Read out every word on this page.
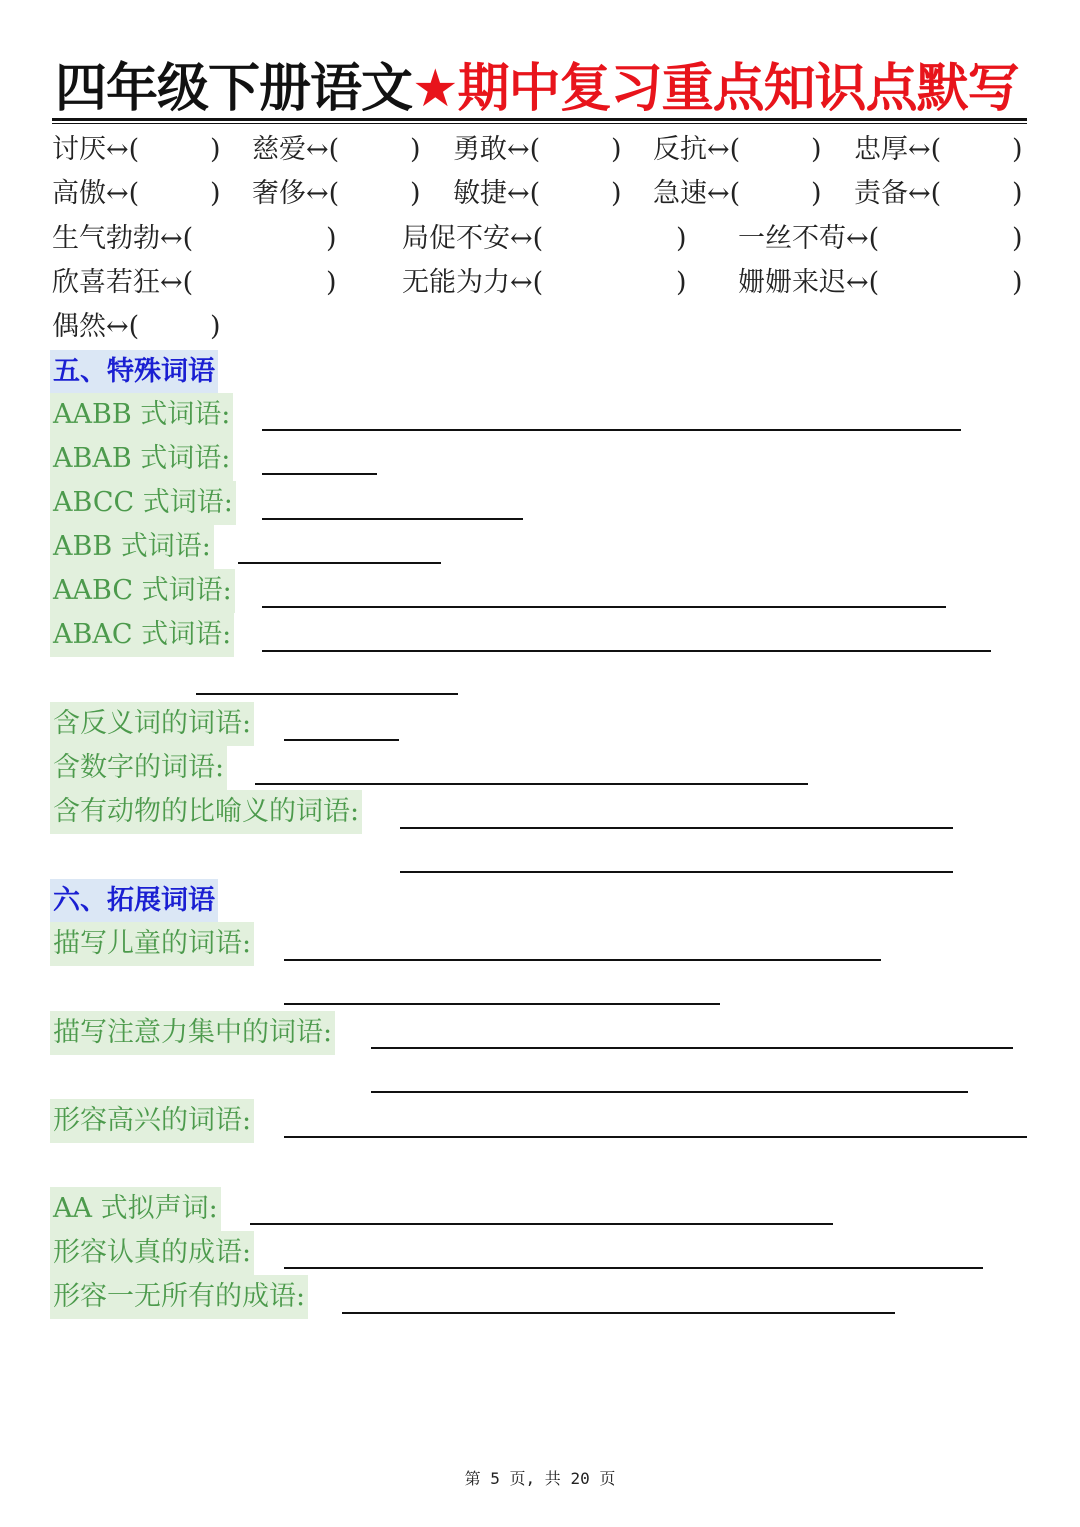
四年级下册语文★期中复习重点知识点默写
讨厌↔(	) 慈爱↔(	) 勇敢↔(	) 反抗↔(	) 忠厚↔(	)
高傲↔(	) 奢侈↔(	) 敏捷↔(	) 急速↔(	) 责备↔(	)
生气勃勃↔(	) 局促不安↔(	) 一丝不苟↔(	)
欣喜若狂↔(	) 无能为力↔(	) 姗姗来迟↔(	)
偶然↔(	)
五、特殊词语
AABB 式词语:
ABAB 式词语:
ABCC 式词语:
ABB 式词语:
AABC 式词语:
ABAC 式词语:
含反义词的词语:
含数字的词语:
含有动物的比喻义的词语:
六、拓展词语
描写儿童的词语:
描写注意力集中的词语:
形容高兴的词语:
AA 式拟声词:
形容认真的成语:
形容一无所有的成语:
第 5 页, 共 20 页
